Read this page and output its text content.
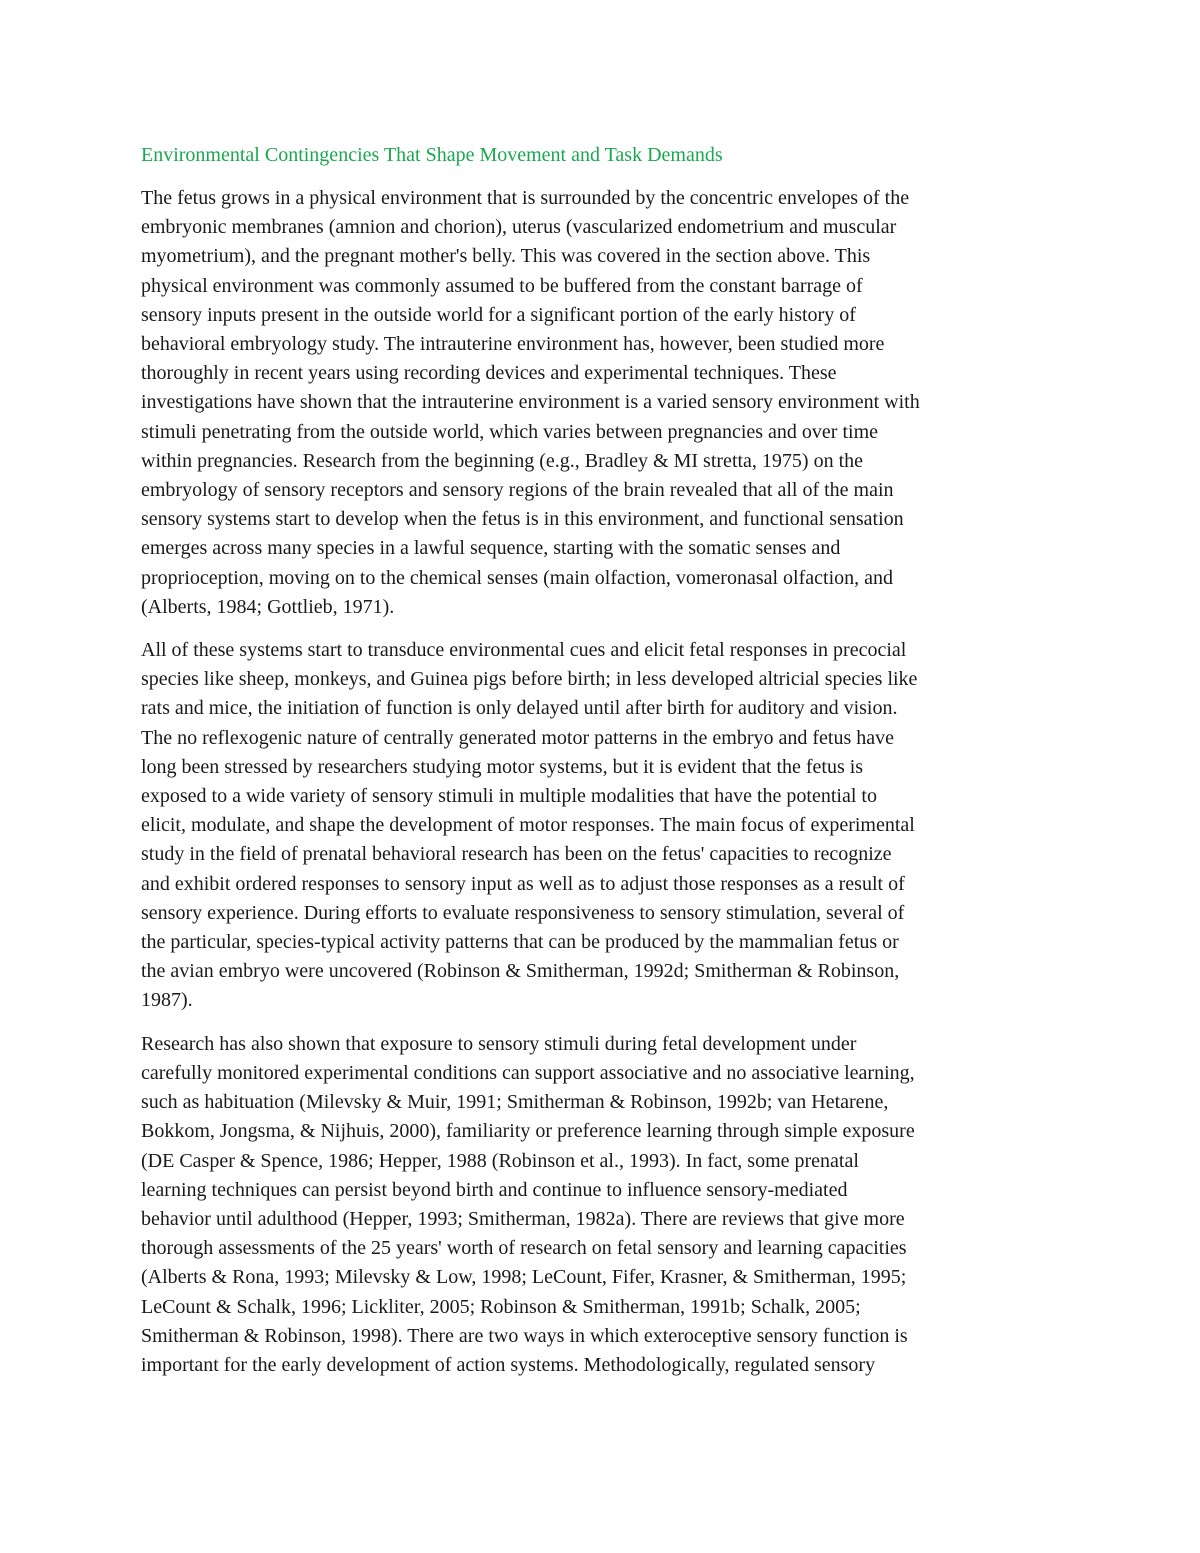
Environmental Contingencies That Shape Movement and Task Demands

The fetus grows in a physical environment that is surrounded by the concentric envelopes of the
embryonic membranes (amnion and chorion), uterus (vascularized endometrium and muscular
myometrium), and the pregnant mother's belly. This was covered in the section above. This
physical environment was commonly assumed to be buffered from the constant barrage of
sensory inputs present in the outside world for a significant portion of the early history of
behavioral embryology study. The intrauterine environment has, however, been studied more
thoroughly in recent years using recording devices and experimental techniques. These
investigations have shown that the intrauterine environment is a varied sensory environment with
stimuli penetrating from the outside world, which varies between pregnancies and over time
within pregnancies. Research from the beginning (e.g., Bradley & MI stretta, 1975) on the
embryology of sensory receptors and sensory regions of the brain revealed that all of the main
sensory systems start to develop when the fetus is in this environment, and functional sensation
emerges across many species in a lawful sequence, starting with the somatic senses and
proprioception, moving on to the chemical senses (main olfaction, vomeronasal olfaction, and
(Alberts, 1984; Gottlieb, 1971).

All of these systems start to transduce environmental cues and elicit fetal responses in precocial
species like sheep, monkeys, and Guinea pigs before birth; in less developed altricial species like
rats and mice, the initiation of function is only delayed until after birth for auditory and vision.
The no reflexogenic nature of centrally generated motor patterns in the embryo and fetus have
long been stressed by researchers studying motor systems, but it is evident that the fetus is
exposed to a wide variety of sensory stimuli in multiple modalities that have the potential to
elicit, modulate, and shape the development of motor responses. The main focus of experimental
study in the field of prenatal behavioral research has been on the fetus' capacities to recognize
and exhibit ordered responses to sensory input as well as to adjust those responses as a result of
sensory experience. During efforts to evaluate responsiveness to sensory stimulation, several of
the particular, species-typical activity patterns that can be produced by the mammalian fetus or
the avian embryo were uncovered (Robinson & Smitherman, 1992d; Smitherman & Robinson,
1987).

Research has also shown that exposure to sensory stimuli during fetal development under
carefully monitored experimental conditions can support associative and no associative learning,
such as habituation (Milevsky & Muir, 1991; Smitherman & Robinson, 1992b; van Hetarene,
Bokkom, Jongsma, & Nijhuis, 2000), familiarity or preference learning through simple exposure
(DE Casper & Spence, 1986; Hepper, 1988 (Robinson et al., 1993). In fact, some prenatal
learning techniques can persist beyond birth and continue to influence sensory-mediated
behavior until adulthood (Hepper, 1993; Smitherman, 1982a). There are reviews that give more
thorough assessments of the 25 years' worth of research on fetal sensory and learning capacities
(Alberts & Rona, 1993; Milevsky & Low, 1998; LeCount, Fifer, Krasner, & Smitherman, 1995;
LeCount & Schalk, 1996; Lickliter, 2005; Robinson & Smitherman, 1991b; Schalk, 2005;
Smitherman & Robinson, 1998). There are two ways in which exteroceptive sensory function is
important for the early development of action systems. Methodologically, regulated sensory
